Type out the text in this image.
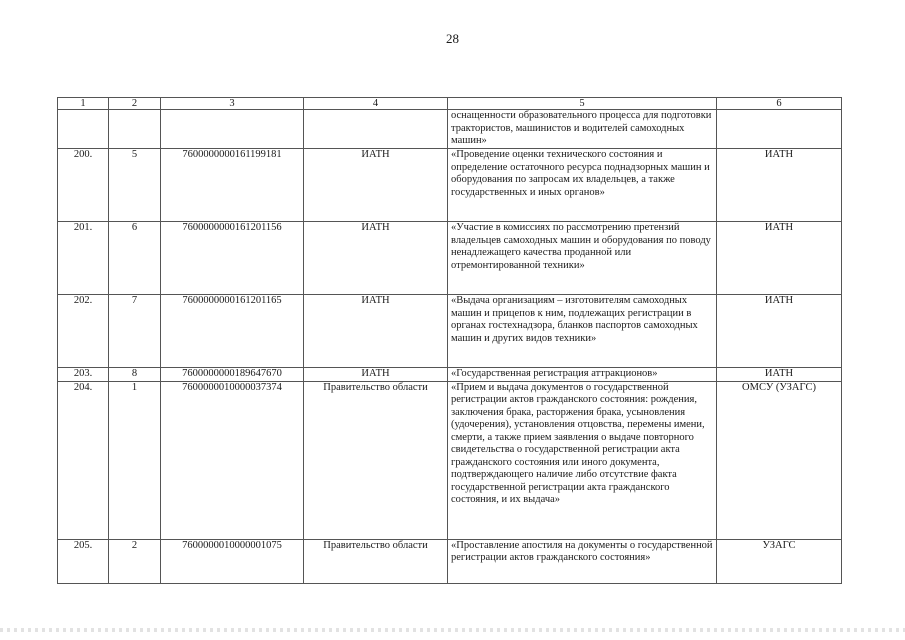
28
1	2	3	4	5	6
				оснащенности образовательного процесса для подготовки трактористов, машинистов и водителей самоходных машин»	
200.	5	7600000000161199181	ИАТН	«Проведение оценки технического состояния и определение остаточного ресурса поднадзорных машин и оборудования по запросам их владельцев, а также государственных и иных органов»	ИАТН
201.	6	7600000000161201156	ИАТН	«Участие в комиссиях по рассмотрению претензий владельцев самоходных машин и оборудования по поводу ненадлежащего качества проданной или отремонтированной техники»	ИАТН
202.	7	7600000000161201165	ИАТН	«Выдача организациям – изготовителям самоходных машин и прицепов к ним, подлежащих регистрации в органах гостехнадзора, бланков паспортов самоходных машин и других видов техники»	ИАТН
203.	8	7600000000189647670	ИАТН	«Государственная регистрация аттракционов»	ИАТН
204.	1	7600000010000037374	Правительство области	«Прием и выдача документов о государственной регистрации актов гражданского состояния: рождения, заключения брака, расторжения брака, усыновления (удочерения), установления отцовства, перемены имени, смерти, а также прием заявления о выдаче повторного свидетельства о государственной регистрации акта гражданского состояния или иного документа, подтверждающего наличие либо отсутствие факта государственной регистрации акта гражданского состояния, и их выдача»	ОМСУ (УЗАГС)
205.	2	7600000010000001075	Правительство области	«Проставление апостиля на документы о государственной регистрации актов гражданского состояния»	УЗАГС
